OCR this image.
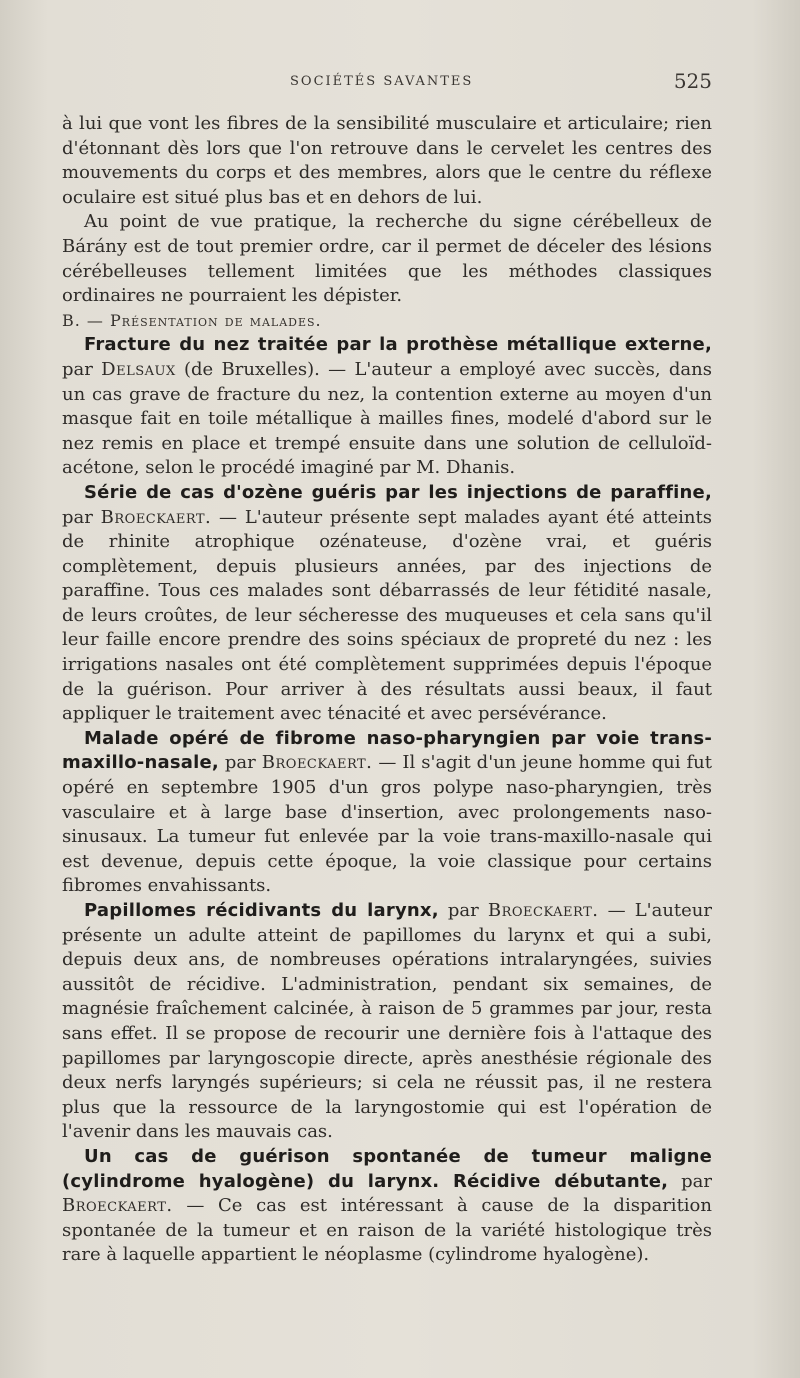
SOCIÉTÉS SAVANTES	525

à lui que vont les fibres de la sensibilité musculaire et articulaire; rien d'étonnant dès lors que l'on retrouve dans le cervelet les centres des mouvements du corps et des membres, alors que le centre du réflexe oculaire est situé plus bas et en dehors de lui.

Au point de vue pratique, la recherche du signe cérébelleux de Bárány est de tout premier ordre, car il permet de déceler des lésions cérébelleuses tellement limitées que les méthodes classiques ordinaires ne pourraient les dépister.

B. — Présentation de malades.

Fracture du nez traitée par la prothèse métallique externe, par Delsaux (de Bruxelles). — L'auteur a employé avec succès, dans un cas grave de fracture du nez, la contention externe au moyen d'un masque fait en toile métallique à mailles fines, modelé d'abord sur le nez remis en place et trempé ensuite dans une solution de celluloïd-acétone, selon le procédé imaginé par M. Dhanis.

Série de cas d'ozène guéris par les injections de paraffine, par Broeckaert. — L'auteur présente sept malades ayant été atteints de rhinite atrophique ozénateuse, d'ozène vrai, et guéris complètement, depuis plusieurs années, par des injections de paraffine. Tous ces malades sont débarrassés de leur fétidité nasale, de leurs croûtes, de leur sécheresse des muqueuses et cela sans qu'il leur faille encore prendre des soins spéciaux de propreté du nez : les irrigations nasales ont été complètement supprimées depuis l'époque de la guérison. Pour arriver à des résultats aussi beaux, il faut appliquer le traitement avec ténacité et avec persévérance.

Malade opéré de fibrome naso-pharyngien par voie trans-maxillo-nasale, par Broeckaert. — Il s'agit d'un jeune homme qui fut opéré en septembre 1905 d'un gros polype naso-pharyngien, très vasculaire et à large base d'insertion, avec prolongements naso-sinusaux. La tumeur fut enlevée par la voie trans-maxillo-nasale qui est devenue, depuis cette époque, la voie classique pour certains fibromes envahissants.

Papillomes récidivants du larynx, par Broeckaert. — L'auteur présente un adulte atteint de papillomes du larynx et qui a subi, depuis deux ans, de nombreuses opérations intralaryngées, suivies aussitôt de récidive. L'administration, pendant six semaines, de magnésie fraîchement calcinée, à raison de 5 grammes par jour, resta sans effet. Il se propose de recourir une dernière fois à l'attaque des papillomes par laryngoscopie directe, après anesthésie régionale des deux nerfs laryngés supérieurs; si cela ne réussit pas, il ne restera plus que la ressource de la laryngostomie qui est l'opération de l'avenir dans les mauvais cas.

Un cas de guérison spontanée de tumeur maligne (cylindrome hyalogène) du larynx. Récidive débutante, par Broeckaert. — Ce cas est intéressant à cause de la disparition spontanée de la tumeur et en raison de la variété histologique très rare à laquelle appartient le néoplasme (cylindrome hyalogène).
